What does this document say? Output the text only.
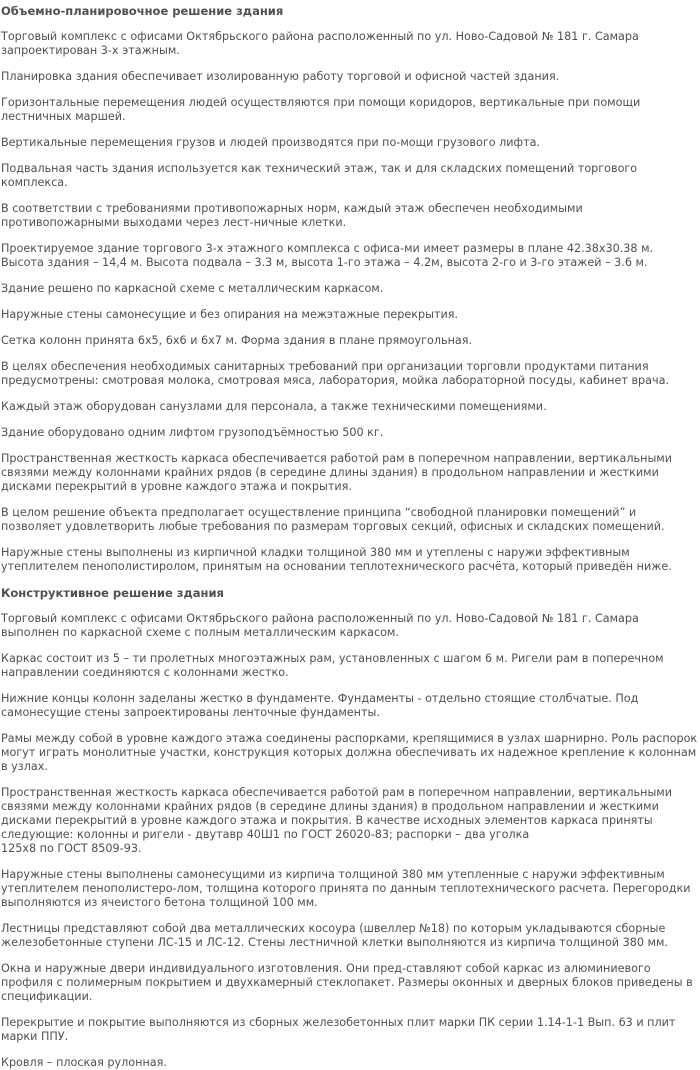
Объемно-планировочное решение здания

Торговый комплекс с офисами Октябрьского района расположенный по ул. Ново-Садовой № 181 г. Самара запроектирован 3-х этажным.

Планировка здания обеспечивает изолированную работу торговой и офисной частей здания.

Горизонтальные перемещения людей осуществляются при помощи коридоров, вертикальные при помощи лестничных маршей.

Вертикальные перемещения грузов и людей производятся при по-мощи грузового лифта.

Подвальная часть здания используется как технический этаж, так и для складских помещений торгового комплекса.

В соответствии с требованиями противопожарных норм, каждый этаж обеспечен необходимыми противопожарными выходами через лест-ничные клетки.

Проектируемое здание торгового 3-х этажного комплекса с офиса-ми имеет размеры в плане 42.38х30.38 м. Высота здания – 14,4 м. Высота подвала – 3.3 м, высота 1-го этажа – 4.2м, высота 2-го и 3-го этажей – 3.6 м.

Здание решено по каркасной схеме с металлическим каркасом.

Наружные стены самонесущие и без опирания на межэтажные перекрытия.

Сетка колонн принята 6х5, 6х6 и 6х7 м. Форма здания в плане прямоугольная.

В целях обеспечения необходимых санитарных требований при организации торговли продуктами питания предусмотрены: смотровая молока, смотровая мяса, лаборатория, мойка лабораторной посуды, кабинет врача.

Каждый этаж оборудован санузлами для персонала, а также техническими помещениями.

Здание оборудовано одним лифтом грузоподъёмностью 500 кг.

Пространственная жесткость каркаса обеспечивается работой рам в поперечном направлении, вертикальными связями между колоннами крайних рядов (в середине длины здания) в продольном направлении и жесткими дисками перекрытий в уровне каждого этажа и покрытия.

В целом решение объекта предполагает осуществление принципа “свободной планировки помещений” и позволяет удовлетворить любые требования по размерам торговых секций, офисных и складских помещений.

Наружные стены выполнены из кирпичной кладки толщиной 380 мм и утеплены с наружи эффективным утеплителем пенополистиролом, принятым на основании теплотехнического расчёта, который приведён ниже.

Конструктивное решение здания

Торговый комплекс с офисами Октябрьского района расположенный по ул. Ново-Садовой № 181 г. Самара выполнен по каркасной схеме с полным металлическим каркасом.

Каркас состоит из 5 – ти пролетных многоэтажных рам, установленных с шагом 6 м. Ригели рам в поперечном направлении соединяются с колоннами жестко.

Нижние концы колонн заделаны жестко в фундаменте. Фундаменты - отдельно стоящие столбчатые. Под самонесущие стены запроектированы ленточные фундаменты.

Рамы между собой в уровне каждого этажа соединены распорками, крепящимися в узлах шарнирно. Роль распорок могут играть монолитные участки, конструкция которых должна обеспечивать их надежное крепление к колоннам в узлах.

Пространственная жесткость каркаса обеспечивается работой рам в поперечном направлении, вертикальными связями между колоннами крайних рядов (в середине длины здания) в продольном направлении и жесткими дисками перекрытий в уровне каждого этажа и покрытия. В качестве исходных элементов каркаса приняты следующие: колонны и ригели - двутавр 40Ш1 по ГОСТ 26020-83; распорки – два уголка
125х8 по ГОСТ 8509-93.

Наружные стены выполнены самонесущими из кирпича толщиной 380 мм утепленные с наружи эффективным утеплителем пенополистеро-лом, толщина которого принята по данным теплотехнического расчета. Перегородки выполняются из ячеистого бетона толщиной 100 мм.

Лестницы представляют собой два металлических косоура (швеллер №18) по которым укладываются сборные железобетонные ступени ЛС-15 и ЛС-12. Стены лестничной клетки выполняются из кирпича толщиной 380 мм.

Окна и наружные двери индивидуального изготовления. Они пред-ставляют собой каркас из алюминиевого профиля с полимерным покрытием и двухкамерный стеклопакет. Размеры оконных и дверных блоков приведены в спецификации.

Перекрытие и покрытие выполняются из сборных железобетонных плит марки ПК серии 1.14-1-1 Вып. 63 и плит марки ППУ.

Кровля – плоская рулонная.
